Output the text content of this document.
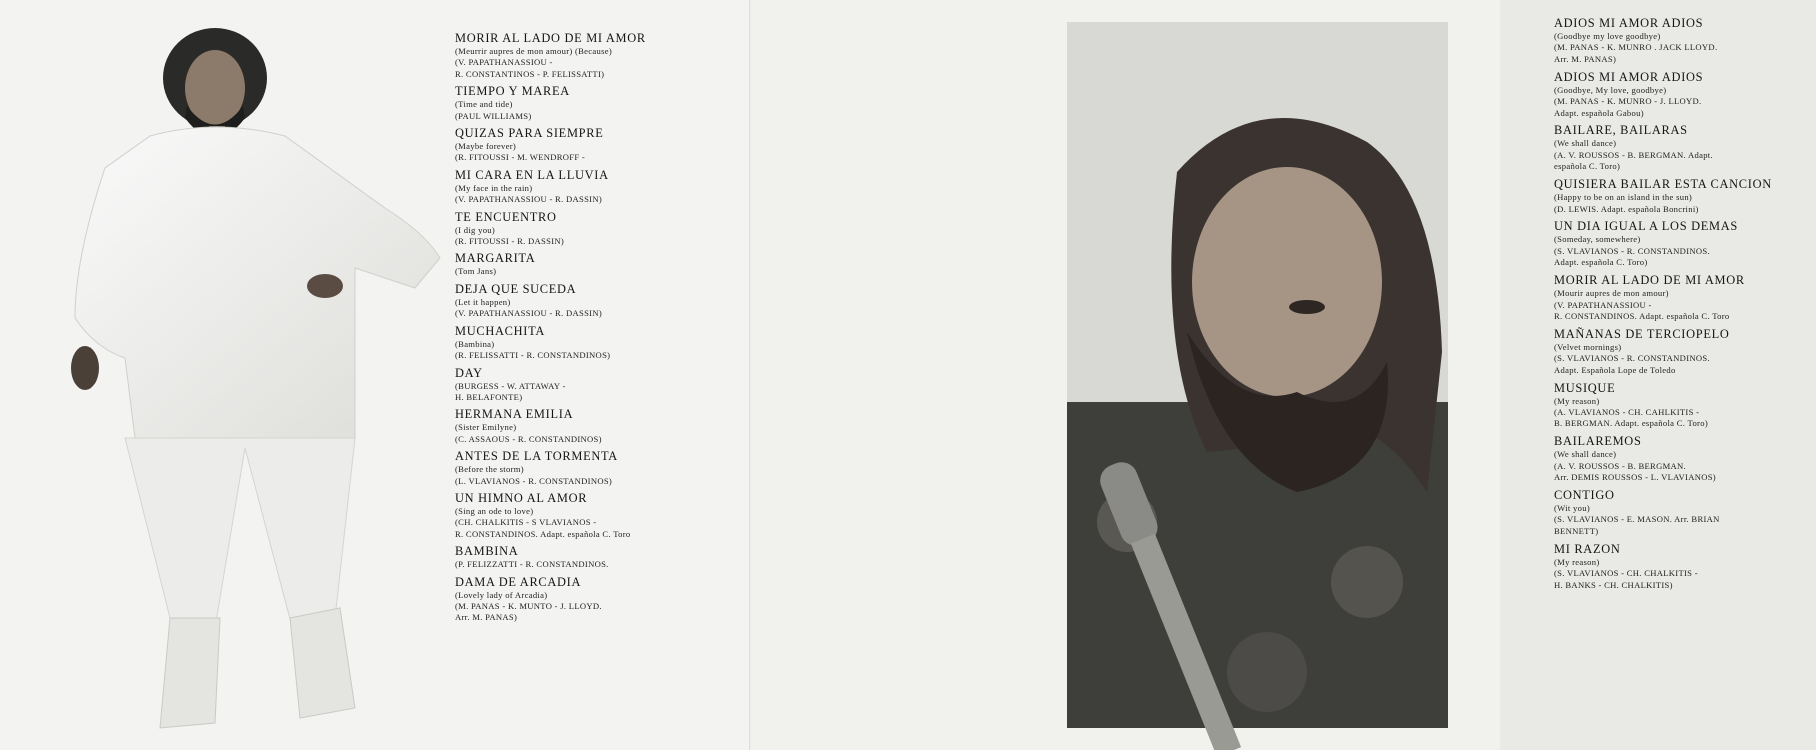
MORIR AL LADO DE MI AMOR
(Meurrir aupres de mon amour) (Because)
(V. PAPATHANASSIOU -
R. CONSTANTINOS - P. FELISSATTI)
TIEMPO Y MAREA
(Time and tide)
(PAUL WILLIAMS)
QUIZAS PARA SIEMPRE
(Maybe forever)
(R. FITOUSSI - M. WENDROFF -
MI CARA EN LA LLUVIA
(My face in the rain)
(V. PAPATHANASSIOU - R. DASSIN)
TE ENCUENTRO
(I dig you)
(R. FITOUSSI - R. DASSIN)
MARGARITA
(Tom Jans)
DEJA QUE SUCEDA
(Let it happen)
(V. PAPATHANASSIOU - R. DASSIN)
MUCHACHITA
(Bambina)
(R. FELISSATTI - R. CONSTANDINOS)
DAY
(BURGESS - W. ATTAWAY -
H. BELAFONTE)
HERMANA EMILIA
(Sister Emilyne)
(C. ASSAOUS - R. CONSTANDINOS)
ANTES DE LA TORMENTA
(Before the storm)
(L. VLAVIANOS - R. CONSTANDINOS)
UN HIMNO AL AMOR
(Sing an ode to love)
(CH. CHALKITIS - S VLAVIANOS -
R. CONSTANDINOS. Adapt. española C. Toro
BAMBINA
(P. FELIZZATTI - R. CONSTANDINOS.
DAMA DE ARCADIA
(Lovely lady of Arcadia)
(M. PANAS - K. MUNTO - J. LLOYD.
Arr. M. PANAS)
ADIOS MI AMOR ADIOS
(Goodbye my love goodbye)
(M. PANAS - K. MUNRO . JACK LLOYD.
Arr. M. PANAS)
ADIOS MI AMOR ADIOS
(Goodbye, My love, goodbye)
(M. PANAS - K. MUNRO - J. LLOYD.
Adapt. española Gabou)
BAILARE, BAILARAS
(We shall dance)
(A. V. ROUSSOS - B. BERGMAN. Adapt.
española C. Toro)
QUISIERA BAILAR ESTA CANCION
(Happy to be on an island in the sun)
(D. LEWIS. Adapt. española Boncrini)
UN DIA IGUAL A LOS DEMAS
(Someday, somewhere)
(S. VLAVIANOS - R. CONSTANDINOS.
Adapt. española C. Toro)
MORIR AL LADO DE MI AMOR
(Mourir aupres de mon amour)
(V. PAPATHANASSIOU -
R. CONSTANDINOS. Adapt. española C. Toro
MAÑANAS DE TERCIOPELO
(Velvet mornings)
(S. VLAVIANOS - R. CONSTANDINOS.
Adapt. Española Lope de Toledo
MUSIQUE
(My reason)
(A. VLAVIANOS - CH. CAHLKITIS -
B. BERGMAN. Adapt. española C. Toro)
BAILAREMOS
(We shall dance)
(A. V. ROUSSOS - B. BERGMAN.
Arr. DEMIS ROUSSOS - L. VLAVIANOS)
CONTIGO
(Wit you)
(S. VLAVIANOS - E. MASON. Arr. BRIAN
BENNETT)
MI RAZON
(My reason)
(S. VLAVIANOS - CH. CHALKITIS -
H. BANKS - CH. CHALKITIS)
